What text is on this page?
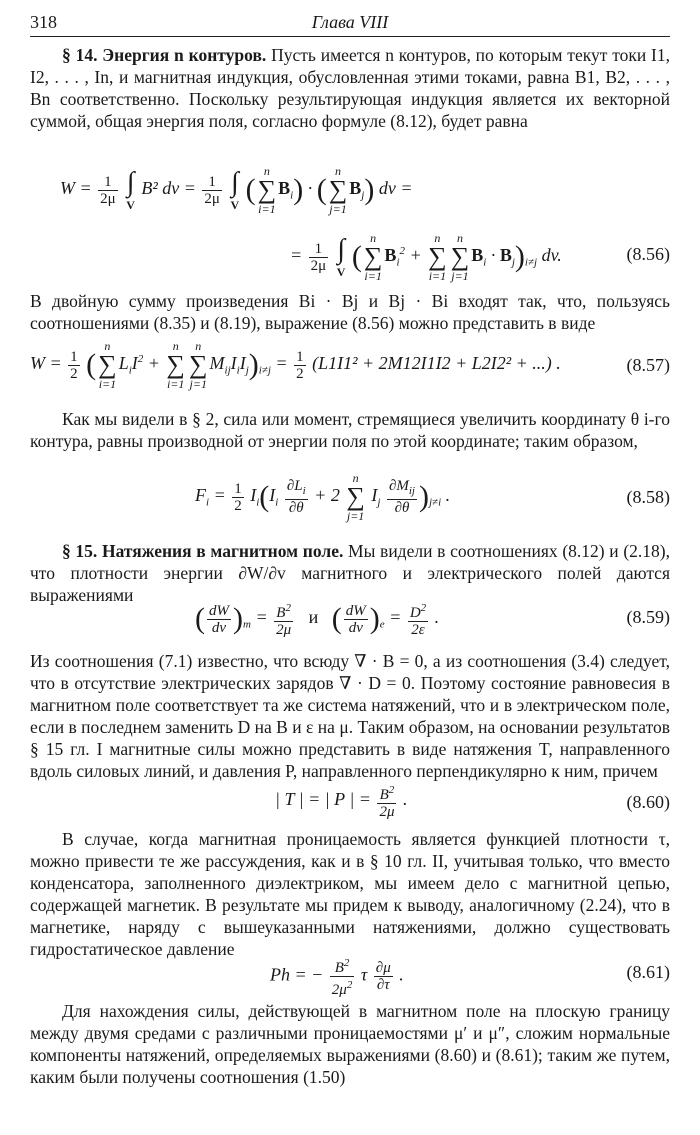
318	Глава VIII

§ 14. Энергия n контуров. Пусть имеется n контуров, по которым текут токи I1, I2, . . . , In, и магнитная индукция, обусловленная этими токами, равна B1, B2, . . . , Bn соответственно. Поскольку результирующая индукция является их векторной суммой, общая энергия поля, согласно формуле (8.12), будет равна

$W = \frac{1}{2\mu}$
∫
V
B² dv = $\frac{1}{2\mu}$
∫
V (
n
∑
i=1
$B_i$) · (
n
∑
j=1
$B_j$) dv =
= $\frac{1}{2\mu}$
∫
V (
n
∑
i=1
$B_i^2$ +
n
∑
i=1
n
∑
j=1
$B_i \cdot B_j)_{i\ne j}$ dv.	(8.56)

В двойную сумму произведения Bi · Bj и Bj · Bi входят так, что, пользуясь соотношениями (8.35) и (8.19), выражение (8.56) можно представить в виде

$W = \frac{1}{2}$ (
n
∑
i=1
$L_iI^2$ +
n
∑
i=1
n
∑
j=1
$M_{ij}I_iI_j)_{i\ne j} = \frac{1}{2} (L1I1^2 + 2M12I1I2 + L2I2^2$ + ...) .	(8.57)

Как мы видели в § 2, сила или момент, стремящиеся увеличить координату θ i-го контура, равны производной от энергии поля по этой координате; таким образом,

$F_i = \frac{1}{2} I_i(I_i \frac{\partial L_i}{\partial\theta} + 2$
n
∑
j=1
$I_j \frac{\partial M_{ij}}{\partial\theta} )_{j\ne i}$ .	(8.58)

§ 15. Натяжения в магнитном поле. Мы видели в соотношениях (8.12) и (2.18), что плотности энергии ∂W/∂v магнитного и электрического полей даются выражениями

( $\frac{dW}{dv} )_m = \frac{B^2}{2\mu}$ и ( $\frac{dW}{dv} )_e = \frac{D^2}{2\varepsilon}$ .	(8.59)

Из соотношения (7.1) известно, что всюду ∇ · B = 0, а из соотношения (3.4) следует, что в отсутствие электрических зарядов ∇ · D = 0. Поэтому состояние равновесия в магнитном поле соответствует та же система натяжений, что и в электрическом поле, если в последнем заменить D на B и ε на μ. Таким образом, на основании результатов § 15 гл. I магнитные силы можно представить в виде натяжения T, направленного вдоль силовых линий, и давления P, направленного перпендикулярно к ним, причем

| T | = | P | = $\frac{B^2}{2\mu}$ .	(8.60)

В случае, когда магнитная проницаемость является функцией плотности τ, можно привести те же рассуждения, как и в § 10 гл. II, учитывая только, что вместо конденсатора, заполненного диэлектриком, мы имеем дело с магнитной цепью, содержащей магнетик. В результате мы придем к выводу, аналогичному (2.24), что в магнетике, наряду с вышеуказанными натяжениями, должно существовать гидростатическое давление

Ph = − $\frac{B^2}{2\mu^2}$ τ $\frac{\partial\mu}{\partial\tau}$ .	(8.61)

Для нахождения силы, действующей в магнитном поле на плоскую границу между двумя средами с различными проницаемостями μ′ и μ″, сложим нормальные компоненты натяжений, определяемых выражениями (8.60) и (8.61); таким же путем, каким были получены соотношения (1.50)
